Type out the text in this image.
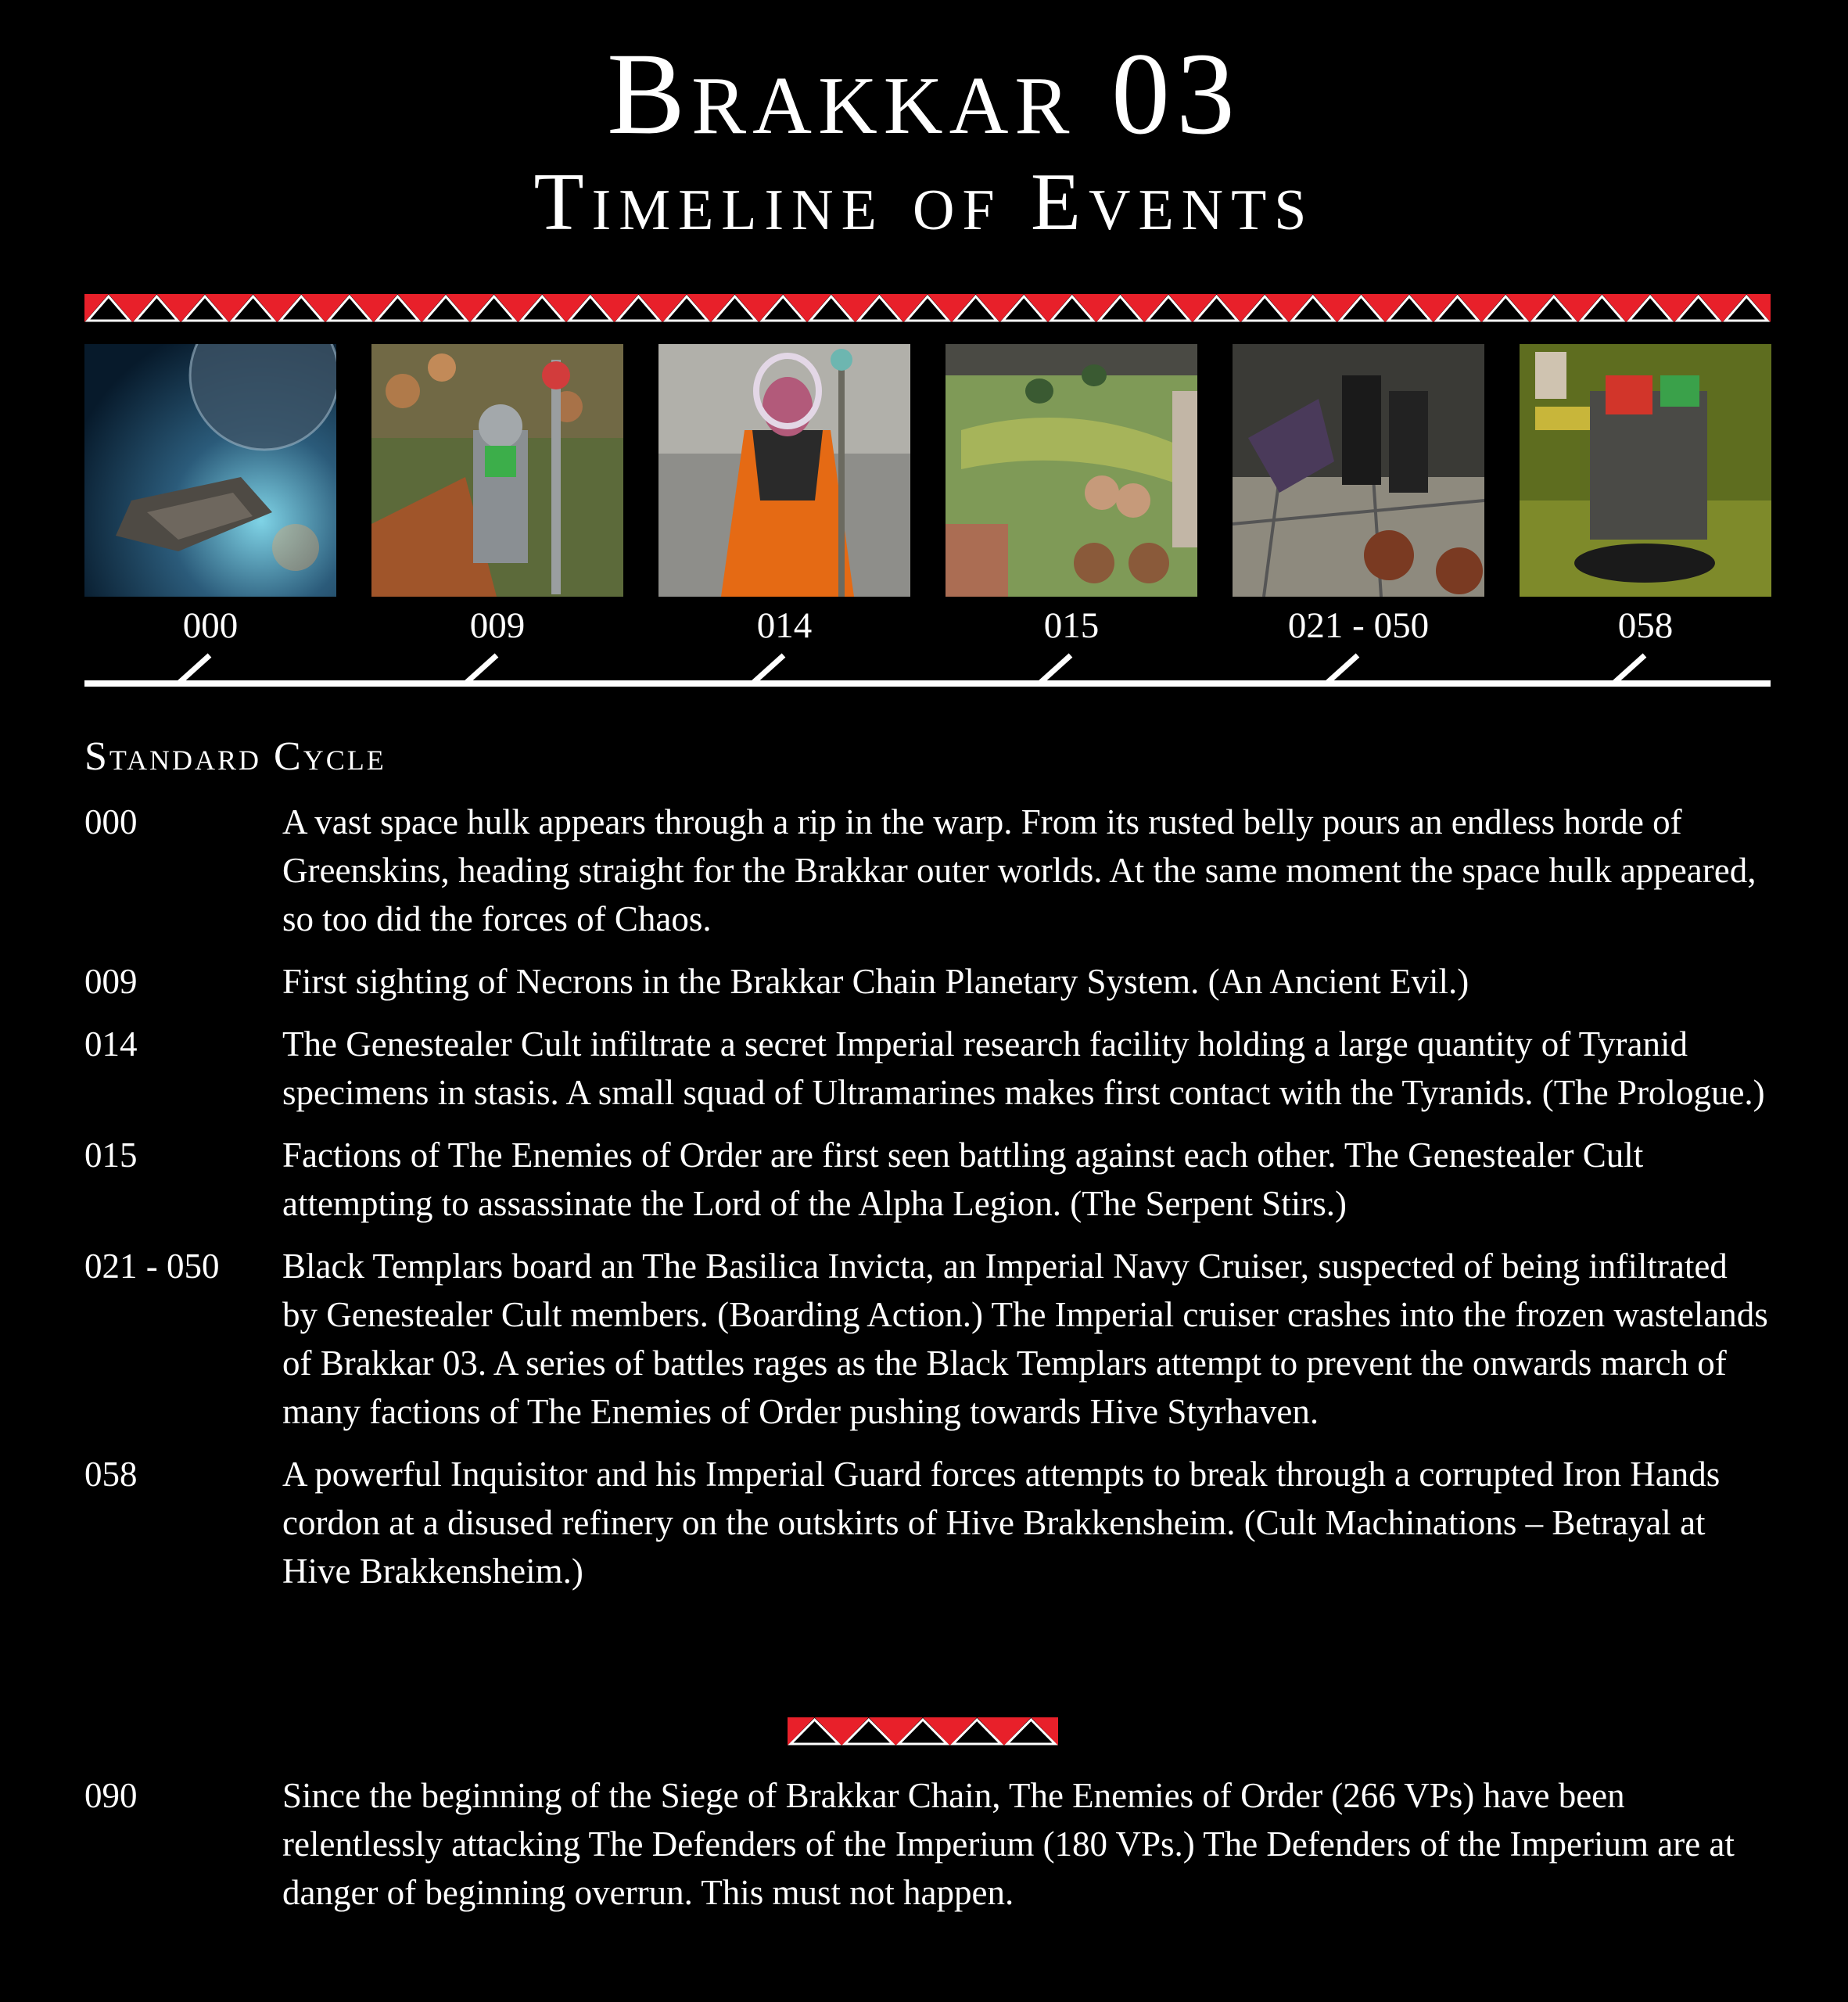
Brakkar 03
Timeline of Events
000	009	014	015	021 - 050	058
Standard Cycle
000	A vast space hulk appears through a rip in the warp. From its rusted belly pours an endless horde of Greenskins, heading straight for the Brakkar outer worlds. At the same moment the space hulk appeared, so too did the forces of Chaos.
009	First sighting of Necrons in the Brakkar Chain Planetary System. (An Ancient Evil.)
014	The Genestealer Cult infiltrate a secret Imperial research facility holding a large quantity of Tyranid specimens in stasis. A small squad of Ultramarines makes first contact with the Tyranids. (The Prologue.)
015	Factions of The Enemies of Order are first seen battling against each other. The Genestealer Cult attempting to assassinate the Lord of the Alpha Legion. (The Serpent Stirs.)
021 - 050 Black Templars board an The Basilica Invicta, an Imperial Navy Cruiser, suspected of being infiltrated by Genestealer Cult members. (Boarding Action.) The Imperial cruiser crashes into the frozen wastelands of Brakkar 03. A series of battles rages as the Black Templars attempt to prevent the onwards march of many factions of The Enemies of Order pushing towards Hive Styrhaven.
058	A powerful Inquisitor and his Imperial Guard forces attempts to break through a corrupted Iron Hands cordon at a disused refinery on the outskirts of Hive Brakkensheim. (Cult Machinations – Betrayal at Hive Brakkensheim.)
090	Since the beginning of the Siege of Brakkar Chain, The Enemies of Order (266 VPs) have been relentlessly attacking The Defenders of the Imperium (180 VPs.) The Defenders of the Imperium are at danger of beginning overrun. This must not happen.
